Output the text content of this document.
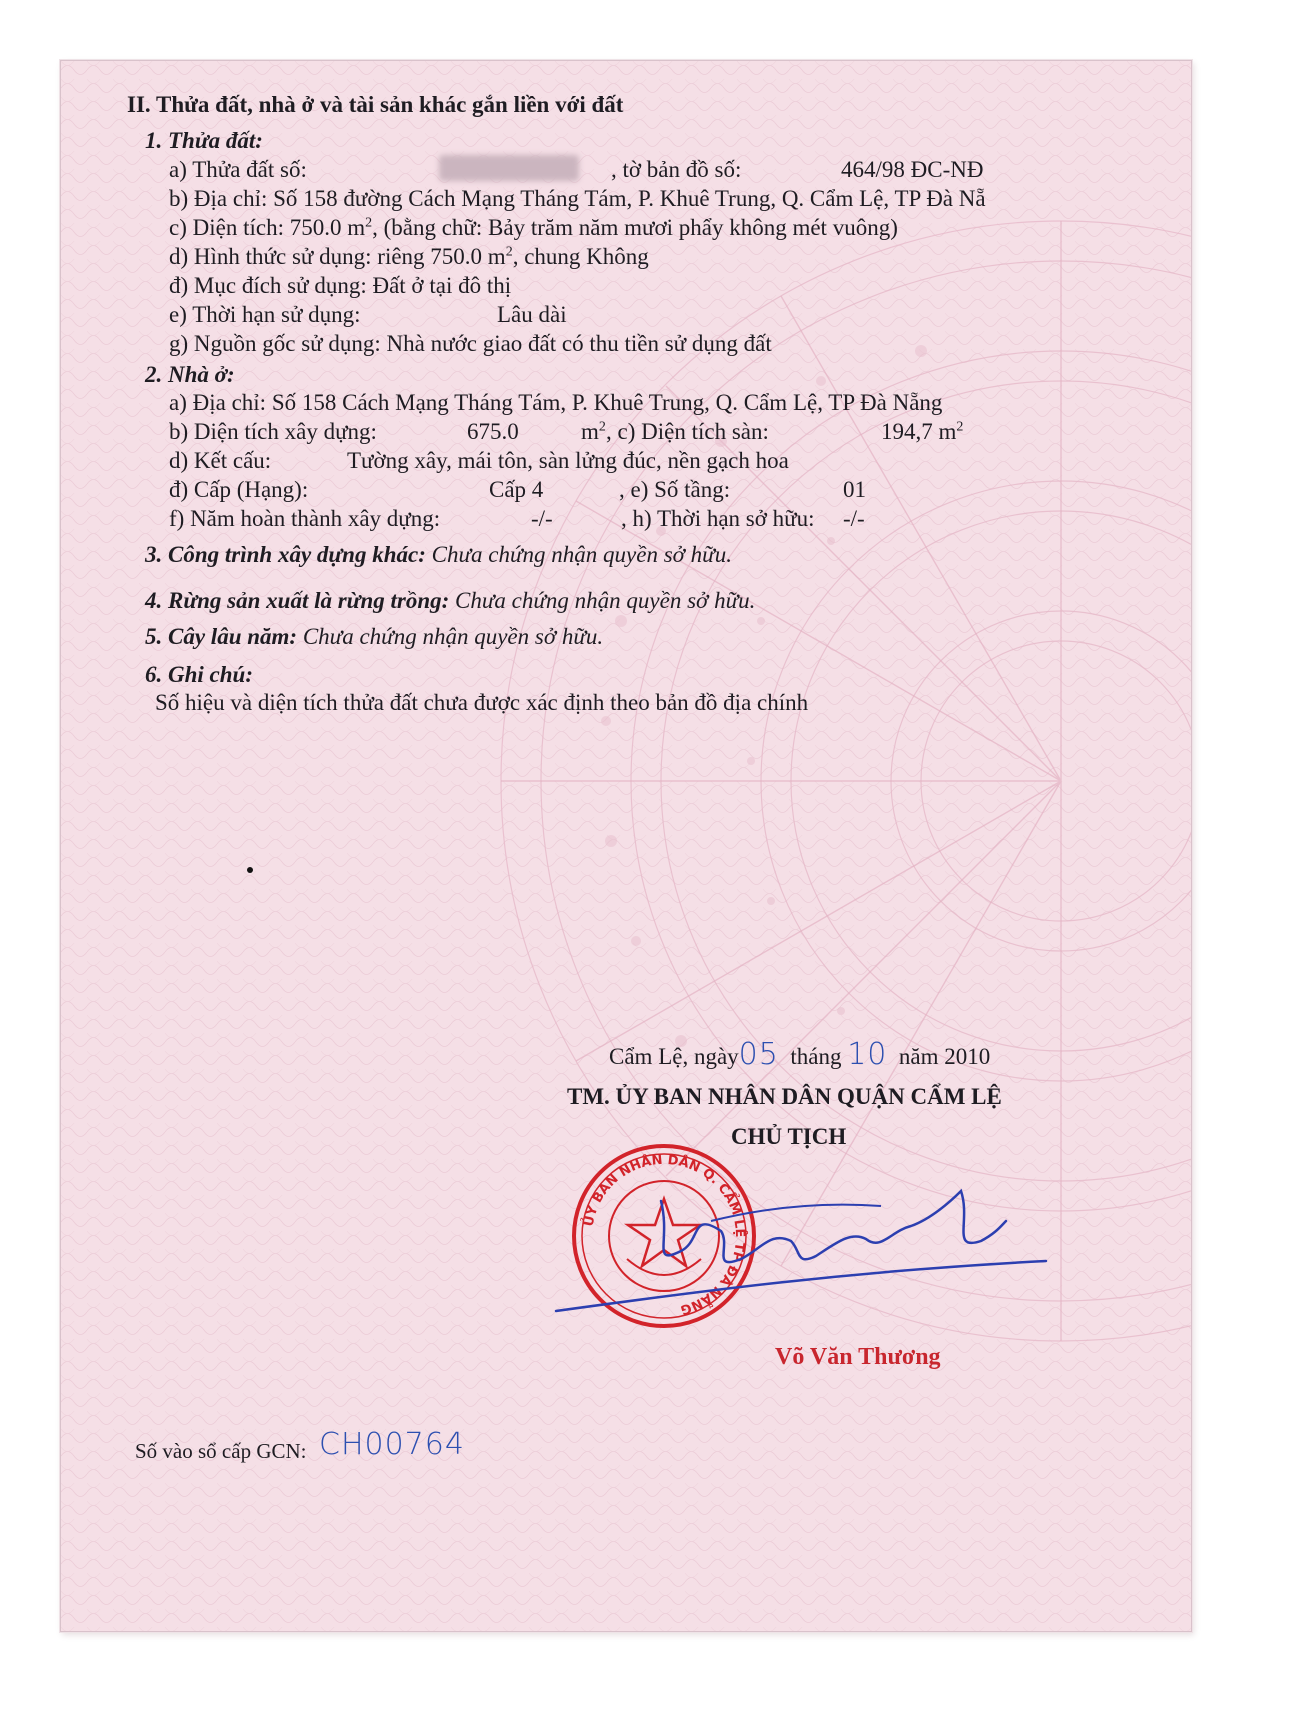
II. Thửa đất, nhà ở và tài sản khác gắn liền với đất
1. Thửa đất:
a) Thửa đất số:	, tờ bản đồ số:	464/98 ĐC-NĐ
b) Địa chỉ: Số 158 đường Cách Mạng Tháng Tám, P. Khuê Trung, Q. Cẩm Lệ, TP Đà Nẵ
c) Diện tích: 750.0 $m^2$, (bằng chữ: Bảy trăm năm mươi phẩy không mét vuông)
d) Hình thức sử dụng: riêng 750.0 $m^2$, chung Không
đ) Mục đích sử dụng: Đất ở tại đô thị
e) Thời hạn sử dụng:	Lâu dài
g) Nguồn gốc sử dụng: Nhà nước giao đất có thu tiền sử dụng đất
2. Nhà ở:
a) Địa chỉ: Số 158 Cách Mạng Tháng Tám, P. Khuê Trung, Q. Cẩm Lệ, TP Đà Nẵng
b) Diện tích xây dựng:	675.0	$m^2$ , c) Diện tích sàn:	194,7 $m^2$
d) Kết cấu:	Tường xây, mái tôn, sàn lửng đúc, nền gạch hoa
đ) Cấp (Hạng):	Cấp 4	, e) Số tầng:	01
f) Năm hoàn thành xây dựng:	-/-	, h) Thời hạn sở hữu: -/-
3. Công trình xây dựng khác: Chưa chứng nhận quyền sở hữu.
4. Rừng sản xuất là rừng trồng: Chưa chứng nhận quyền sở hữu.
5. Cây lâu năm: Chưa chứng nhận quyền sở hữu.
6. Ghi chú:
Số hiệu và diện tích thửa đất chưa được xác định theo bản đồ địa chính
Cẩm Lệ, ngày05 tháng 10 năm 2010
TM. ỦY BAN NHÂN DÂN QUẬN CẨM LỆ
CHỦ TỊCH
ỦY BAN NHÂN DÂN Q. CẨM LỆ TP ĐÀ NẴNG
Võ Văn Thương
Số vào sổ cấp GCN: CH00764
